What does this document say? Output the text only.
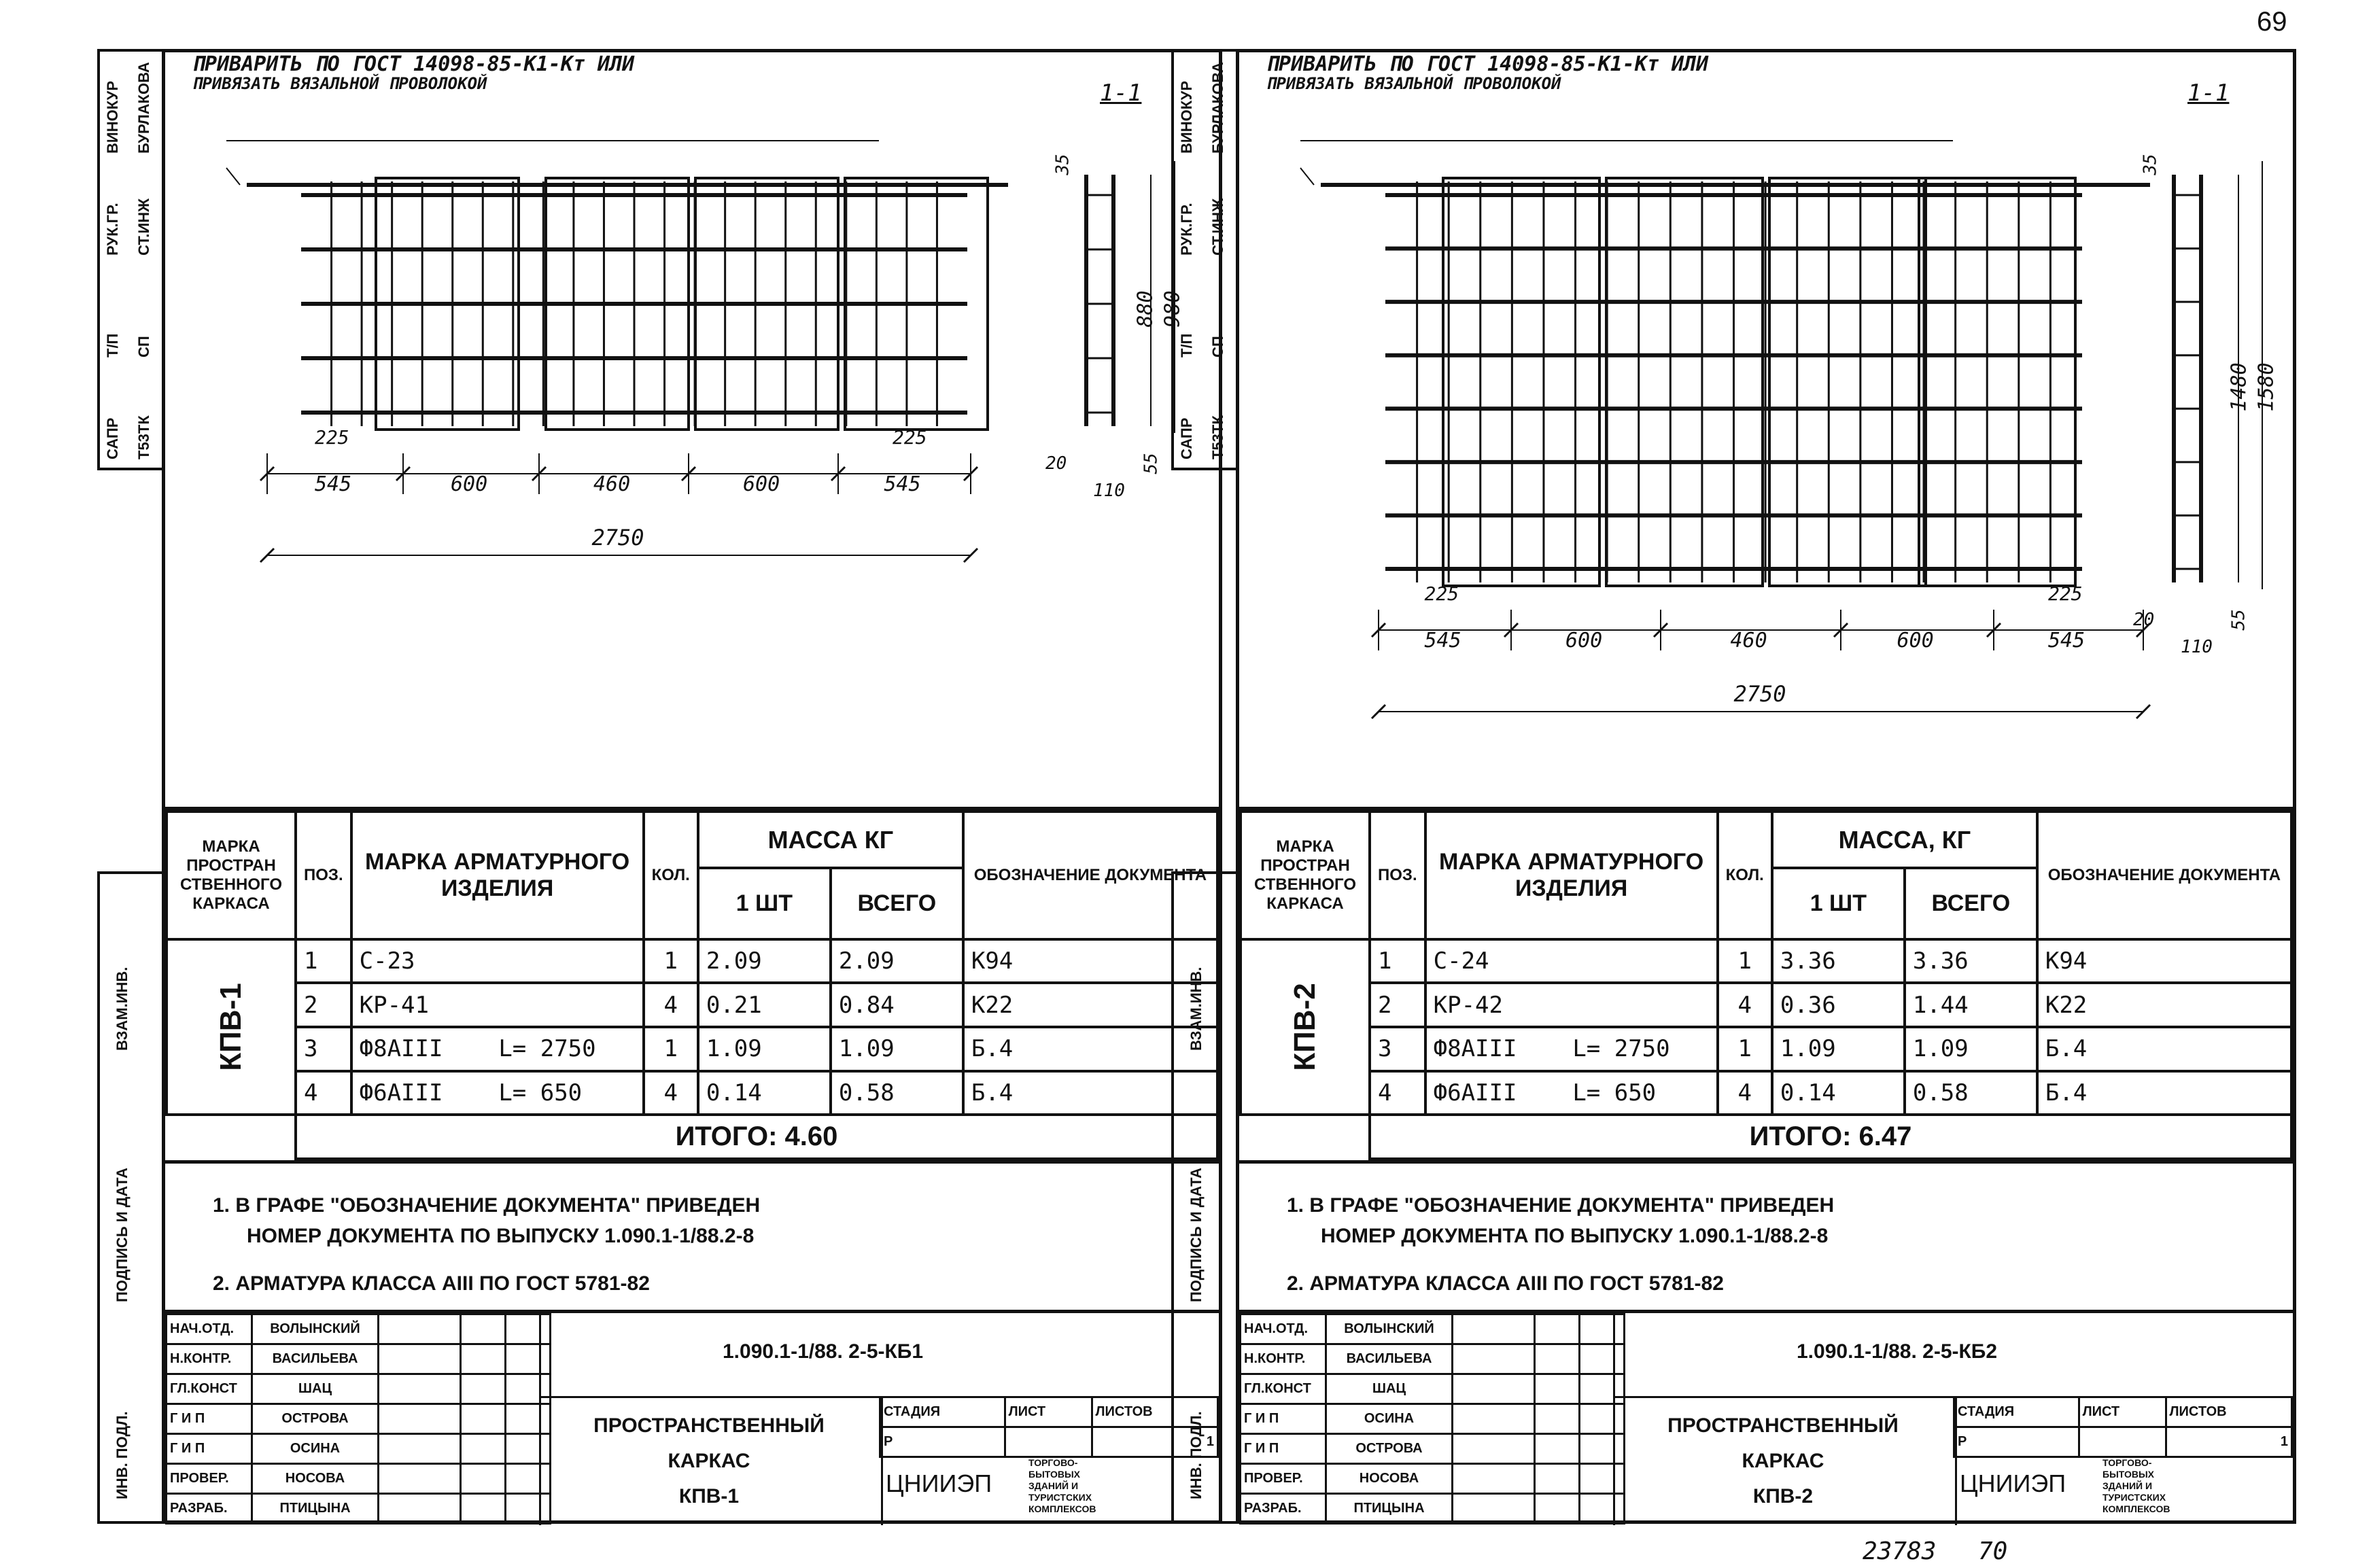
69
23783 70
ПРИВАРИТЬ ПО ГОСТ 14098-85-К1-Кт ИЛИ
ПРИВЯЗАТЬ ВЯЗАЛЬНОЙ ПРОВОЛОКОЙ	1-1
225	225
545	600	460	600	545
2750
880 980
35
20	55
110
МАРКА ПРОСТРАН СТВЕННОГО КАРКАСА	ПОЗ.	МАРКА АРМАТУРНОГО ИЗДЕЛИЯ	КОЛ.	МАССА КГ		ОБОЗНАЧЕНИЕ ДОКУМЕНТА
				1 ШТ	ВСЕГО	

КПВ-1	1	С-23	1	2.09	2.09	К94
	2	КР-41	4	0.21	0.84	К22
	3	Ф8АIII    L= 2750	1	1.09	1.09	Б.4
	4	Ф6АIII    L= 650	4	0.14	0.58	Б.4
	ИТОГО: 4.60					
1. В ГРАФЕ "ОБОЗНАЧЕНИЕ ДОКУМЕНТА" ПРИВЕДЕН
НОМЕР ДОКУМЕНТА ПО ВЫПУСКУ 1.090.1-1/88.2-8
2. АРМАТУРА КЛАССА АIII ПО ГОСТ 5781-82
НАЧ.ОТД.	ВОЛЫНСКИЙ			
Н.КОНТР.	ВАСИЛЬЕВА			
ГЛ.КОНСТ	ШАЦ			
Г И П	ОСТРОВА			
Г И П	ОСИНА			
ПРОВЕР.	НОСОВА			
РАЗРАБ.	ПТИЦЫНА			
1.090.1-1/88. 2-5-КБ1
ПРОСТРАНСТВЕННЫЙ
КАРКАС
КПВ-1
СТАДИЯ	ЛИСТ	ЛИСТОВ
Р		1
ЦНИИЭП
ТОРГОВО-
БЫТОВЫХ
ЗДАНИЙ И
ТУРИСТСКИХ
КОМПЛЕКСОВ
САПР Т53ТК
Т/П СП
РУК.ГР. СТ.ИНЖ
ВИНОКУР БУРЛАКОВА
ВЗАМ.ИНВ.
ПОДПИСЬ И ДАТА
ИНВ. ПОДЛ.
ПРИВАРИТЬ ПО ГОСТ 14098-85-К1-Кт ИЛИ
ПРИВЯЗАТЬ ВЯЗАЛЬНОЙ ПРОВОЛОКОЙ	1-1
225	225
545	600	460	600	545
2750
1480 1580
35
20	55
110
МАРКА ПРОСТРАН СТВЕННОГО КАРКАСА	ПОЗ.	МАРКА АРМАТУРНОГО ИЗДЕЛИЯ	КОЛ.	МАССА, КГ		ОБОЗНАЧЕНИЕ ДОКУМЕНТА
				1 ШТ	ВСЕГО	

КПВ-2	1	С-24	1	3.36	3.36	К94
	2	КР-42	4	0.36	1.44	К22
	3	Ф8АIII    L= 2750	1	1.09	1.09	Б.4
	4	Ф6АIII    L= 650	4	0.14	0.58	Б.4
	ИТОГО: 6.47					
1. В ГРАФЕ "ОБОЗНАЧЕНИЕ ДОКУМЕНТА" ПРИВЕДЕН
НОМЕР ДОКУМЕНТА ПО ВЫПУСКУ 1.090.1-1/88.2-8
2. АРМАТУРА КЛАССА АIII ПО ГОСТ 5781-82
НАЧ.ОТД.	ВОЛЫНСКИЙ			
Н.КОНТР.	ВАСИЛЬЕВА			
ГЛ.КОНСТ	ШАЦ			
Г И П	ОСИНА			
Г И П	ОСТРОВА			
ПРОВЕР.	НОСОВА			
РАЗРАБ.	ПТИЦЫНА			
1.090.1-1/88. 2-5-КБ2
ПРОСТРАНСТВЕННЫЙ
КАРКАС
КПВ-2
СТАДИЯ	ЛИСТ	ЛИСТОВ
Р		1
ЦНИИЭП
ТОРГОВО-
БЫТОВЫХ
ЗДАНИЙ И
ТУРИСТСКИХ
КОМПЛЕКСОВ
САПР Т53ТК
Т/П СП
РУК.ГР. СТ.ИНЖ
ВИНОКУР БУРЛАКОВА
ВЗАМ.ИНВ.
ПОДПИСЬ И ДАТА
ИНВ. ПОДЛ.
